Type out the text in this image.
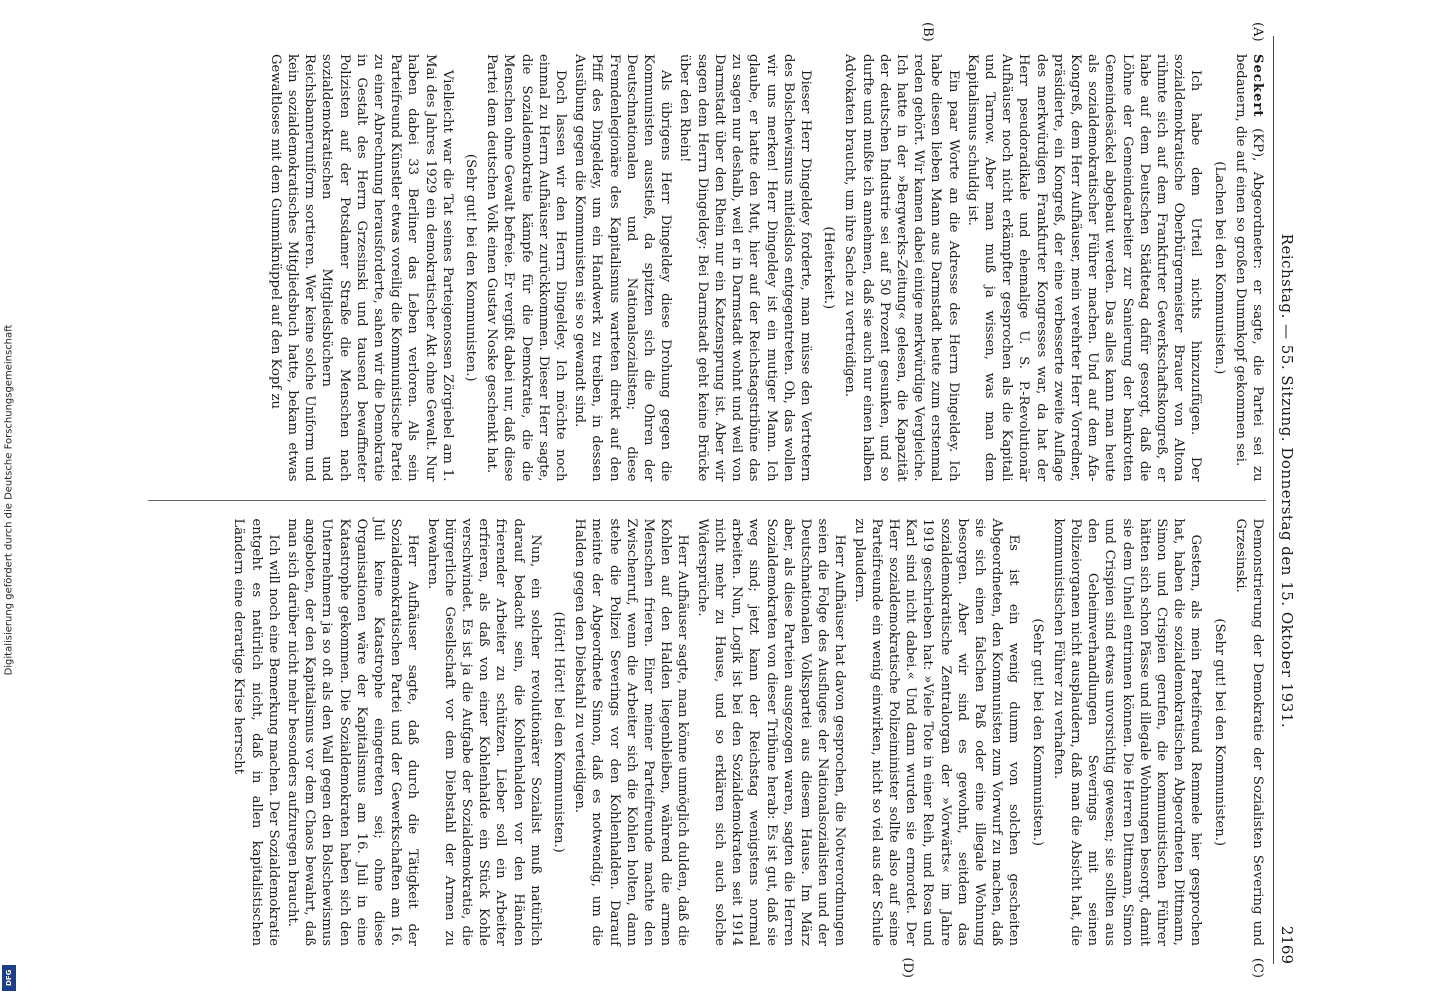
Digitalisierung gefördert durch die Deutsche Forschungsgemeinschaft
DFG
Reichstag. — 55. Sitzung. Donnerstag den 15. Oktober 1931.
2169
(A)
(B)

Seckert (KP), Abgeordneter: er sagte, die Partei sei zu bedauern, die auf einen so großen Dummkopf gekommen sei.

(Lachen bei den Kommunisten.)

Ich habe dem Urteil nichts hinzuzufügen. Der sozialdemokratische Oberbürgermeister Brauer von Altona rühmte sich auf dem Frankfurter Gewerkschaftskongreß, er habe auf dem Deutschen Städtetag dafür gesorgt, daß die Löhne der Gemeindearbeiter zur Sanierung der bankrotten Gemeindesäckel abgebaut werden. Das alles kann man heute als sozialdemokratischer Führer machen. Und auf dem Afa-Kongreß, dem Herr Aufhäuser, mein verehrter Herr Vorredner, präsidierte, ein Kongreß, der eine verbesserte zweite Auflage des merkwürdigen Frankfurter Kongresses war, da hat der Herr pseudoradikale und ehemalige U. S. P.-Revolutionär Aufhäuser noch nicht erkämpfter gesprochen als die Kapitali und Tarnow. Aber man muß ja wissen, was man dem Kapitalismus schuldig ist.

Ein paar Worte an die Adresse des Herrn Dingeldey. Ich habe diesen lieben Mann aus Darmstadt heute zum erstenmal reden gehört. Wir kamen dabei einige merkwürdige Vergleiche. Ich hatte in der »Bergwerks-Zeitung« gelesen, die Kapazität der deutschen Industrie sei auf 50 Prozent gesunken, und so durfte und mußte ich annehmen, daß sie auch nur einen halben Advokaten braucht, um ihre Sache zu vertreidigen.

(Heiterkeit.)

Dieser Herr Dingeldey forderte, man müsse den Vertretern des Bolschewismus mitleidslos entgegentreten. Oh, das wollen wir uns merken! Herr Dingeldey ist ein mutiger Mann. Ich glaube, er hatte den Mut, hier auf der Reichstagstribüne das zu sagen nur deshalb, weil er in Darmstadt wohnt und weil von Darmstadt über den Rhein nur ein Katzensprung ist. Aber wir sagen dem Herrn Dingeldey: Bei Darmstadt geht keine Brücke über den Rhein!

Als übrigens Herr Dingeldey diese Drohung gegen die Kommunisten ausstieß, da spitzten sich die Ohren der Deutschnationalen und Nationalsozialisten; diese Fremdenlegionäre des Kapitalismus warteten direkt auf den Pfiff des Dingeldey, um ein Handwerk zu treiben, in dessen Ausübung gegen die Kommunisten sie so gewandt sind.

Doch lassen wir den Herrn Dingeldey. Ich möchte noch einmal zu Herrn Aufhäuser zurückkommen. Dieser Herr sagte, die Sozialdemokratie kämpfe für die Demokratie, die die Menschen ohne Gewalt befreie. Er vergißt dabei nur, daß diese Partei dem deutschen Volk einen Gustav Noske geschenkt hat.

(Sehr gut! bei den Kommunisten.)

Vielleicht war die Tat seines Parteigenossen Zörgiebel am 1. Mai des Jahres 1929 ein demokratischer Akt ohne Gewalt. Nur haben dabei 33 Berliner das Leben verloren. Als sein Parteifreund Künstler etwas voreilig die Kommunistische Partei zu einer Abrechnung herausforderte, sahen wir die Demokratie in Gestalt des Herrn Grzesinski und tausend bewaffneter Polizisten auf der Potsdamer Straße die Menschen nach sozialdemokratischen Mitgliedsbüchern und Reichsbanneruniform sortieren. Wer keine solche Uniform und kein sozialdemokratisches Mitgliedsbuch hatte, bekam etwas Gewaltloses mit dem Gummiknüppel auf den Kopf zu

(C)
(D)

Demonstrierung der Demokratie der Sozialisten Severing und Grzesinski.

(Sehr gut! bei den Kommunisten.)

Gestern, als mein Parteifreund Remmele hier gesprochen hat, haben die sozialdemokratischen Abgeordneten Dittmann, Simon und Crispien gerufen, die kommunistischen Führer hätten sich schon Pässe und illegale Wohnungen besorgt, damit sie dem Unheil entrinnen können. Die Herren Dittmann, Simon und Crispien sind etwas unvorsichtig gewesen; sie sollten aus den Geheimverhandlungen Severings mit seinen Polizeiorganen nicht ausplaudern, daß man die Absicht hat, die kommunistischen Führer zu verhaften.

(Sehr gut! bei den Kommunisten.)

Es ist ein wenig dumm von solchen gescheiten Abgeordneten, den Kommunisten zum Vorwurf zu machen, daß sie sich einen falschen Paß oder eine illegale Wohnung besorgen. Aber wir sind es gewohnt, seitdem das sozialdemokratische Zentralorgan der »Vorwärts« im Jahre 1919 geschrieben hat: »Viele Tote in einer Reih, und Rosa und Karl sind nicht dabei.« Und dann wurden sie ermordet. Der Herr sozialdemokratische Polizeiminister sollte also auf seine Parteifreunde ein wenig einwirken, nicht so viel aus der Schule zu plaudern.

Herr Aufhäuser hat davon gesprochen, die Notverordnungen seien die Folge des Ausfluges der Nationalsozialisten und der Deutschnationalen Volkspartei aus diesem Hause. Im März aber, als diese Parteien ausgezogen waren, sagten die Herren Sozialdemokraten von dieser Tribüne herab: Es ist gut, daß sie weg sind; jetzt kann der Reichstag wenigstens normal arbeiten. Nun, Logik ist bei den Sozialdemokraten seit 1914 nicht mehr zu Hause, und so erklären sich auch solche Widersprüche.

Herr Aufhäuser sagte, man könne unmöglich dulden, daß die Kohlen auf den Halden liegenbleiben, während die armen Menschen frieren. Einer meiner Parteifreunde machte den Zwischenruf, wenn die Arbeiter sich die Kohlen holten, dann stehe die Polizei Severings vor den Kohlenhalden. Darauf meinte der Abgeordnete Simon, daß es notwendig, um die Halden gegen den Diebstahl zu verteidigen.

(Hört! Hört! bei den Kommunisten.)

Nun, ein solcher revolutionärer Sozialist muß natürlich darauf bedacht sein, die Kohlenhalden vor den Händen frierender Arbeiter zu schützen. Lieber soll ein Arbeiter erfrieren, als daß von einer Kohlenhalde ein Stück Kohle verschwindet. Es ist ja die Aufgabe der Sozialdemokratie, die bürgerliche Gesellschaft vor dem Diebstahl der Armen zu bewahren.

Herr Aufhäuser sagte, daß durch die Tätigkeit der Sozialdemokratischen Partei und der Gewerkschaften am 16. Juli keine Katastrophe eingetreten sei; ohne diese Organisationen wäre der Kapitalismus am 16. Juli in eine Katastrophe gekommen. Die Sozialdemokraten haben sich den Unternehmern ja so oft als den Wall gegen den Bolschewismus angeboten, der den Kapitalismus vor dem Chaos bewahrt, daß man sich darüber nicht mehr besonders aufzuregen braucht.

Ich will noch eine Bemerkung machen. Der Sozialdemokratie entgeht es natürlich nicht, daß in allen kapitalistischen Ländern eine derartige Krise herrscht
